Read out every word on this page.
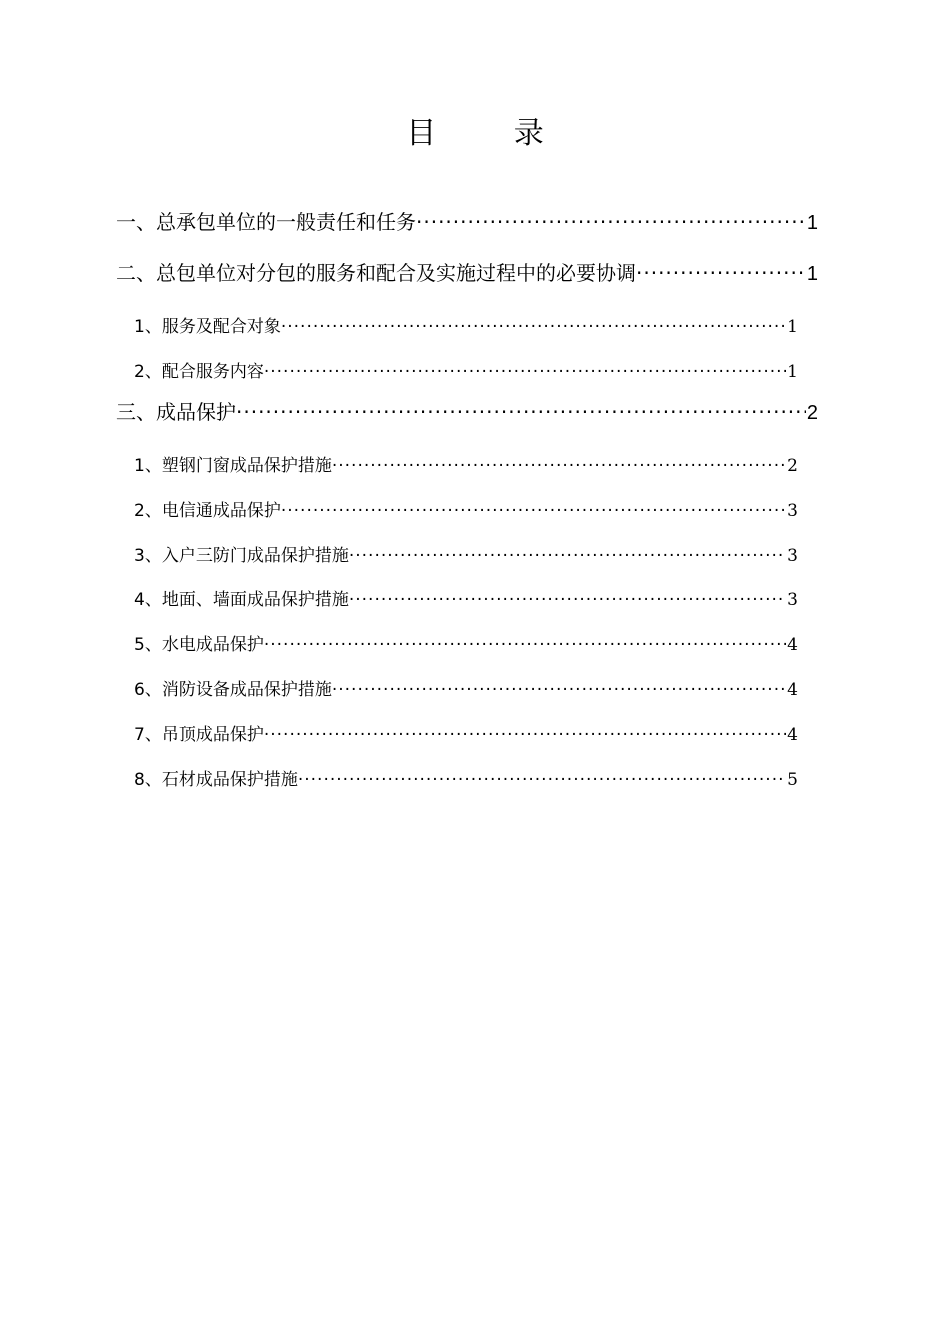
目 录
一、总承包单位的一般责任和任务 ·····	1
二、总包单位对分包的服务和配合及实施过程中的必要协调 ·····	1
1、服务及配合对象 ·····	1
2、配合服务内容 ·····	1
三、成品保护 ·····	2
1、塑钢门窗成品保护措施 ·····	2
2、电信通成品保护 ·····	3
3、入户三防门成品保护措施 ·····	3
4、地面、墙面成品保护措施 ·····	3
5、水电成品保护 ·····	4
6、消防设备成品保护措施 ·····	4
7、吊顶成品保护 ·····	4
8、石材成品保护措施 ·····	5
